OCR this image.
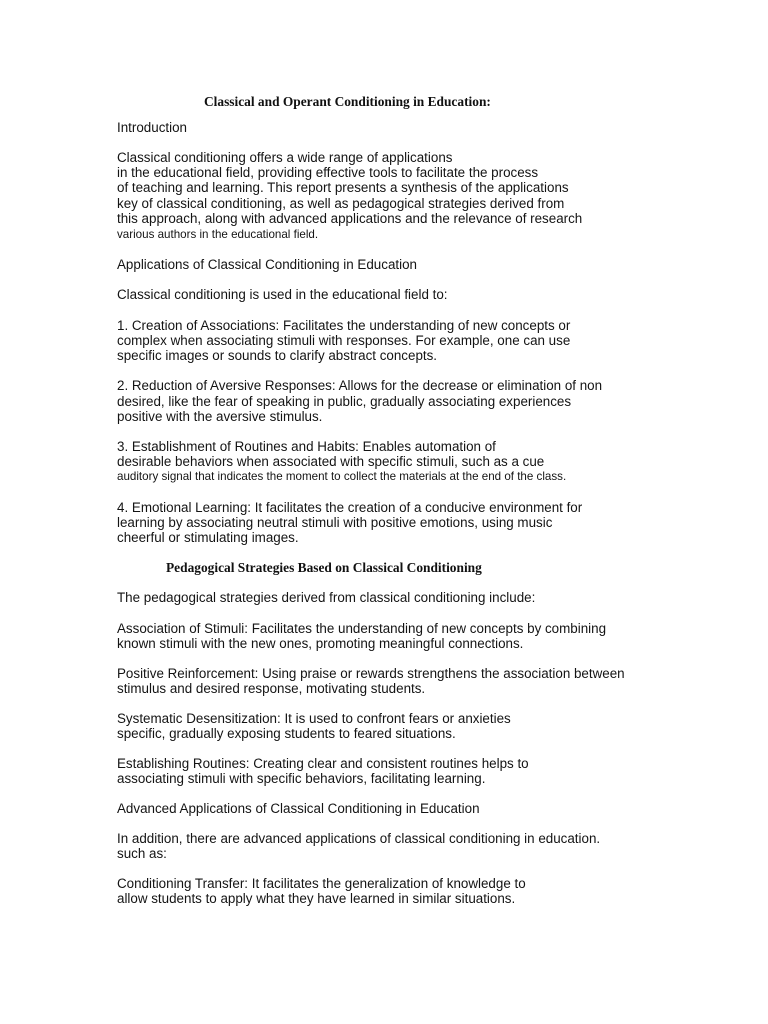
Classical and Operant Conditioning in Education:
Introduction
Classical conditioning offers a wide range of applications
in the educational field, providing effective tools to facilitate the process
of teaching and learning. This report presents a synthesis of the applications
key of classical conditioning, as well as pedagogical strategies derived from
this approach, along with advanced applications and the relevance of research
various authors in the educational field.
Applications of Classical Conditioning in Education
Classical conditioning is used in the educational field to:
1. Creation of Associations: Facilitates the understanding of new concepts or
complex when associating stimuli with responses. For example, one can use
specific images or sounds to clarify abstract concepts.
2. Reduction of Aversive Responses: Allows for the decrease or elimination of non
desired, like the fear of speaking in public, gradually associating experiences
positive with the aversive stimulus.
3. Establishment of Routines and Habits: Enables automation of
desirable behaviors when associated with specific stimuli, such as a cue
auditory signal that indicates the moment to collect the materials at the end of the class.
4. Emotional Learning: It facilitates the creation of a conducive environment for
learning by associating neutral stimuli with positive emotions, using music
cheerful or stimulating images.
Pedagogical Strategies Based on Classical Conditioning
The pedagogical strategies derived from classical conditioning include:
Association of Stimuli: Facilitates the understanding of new concepts by combining
known stimuli with the new ones, promoting meaningful connections.
Positive Reinforcement: Using praise or rewards strengthens the association between
stimulus and desired response, motivating students.
Systematic Desensitization: It is used to confront fears or anxieties
specific, gradually exposing students to feared situations.
Establishing Routines: Creating clear and consistent routines helps to
associating stimuli with specific behaviors, facilitating learning.
Advanced Applications of Classical Conditioning in Education
In addition, there are advanced applications of classical conditioning in education.
such as:
Conditioning Transfer: It facilitates the generalization of knowledge to
allow students to apply what they have learned in similar situations.
